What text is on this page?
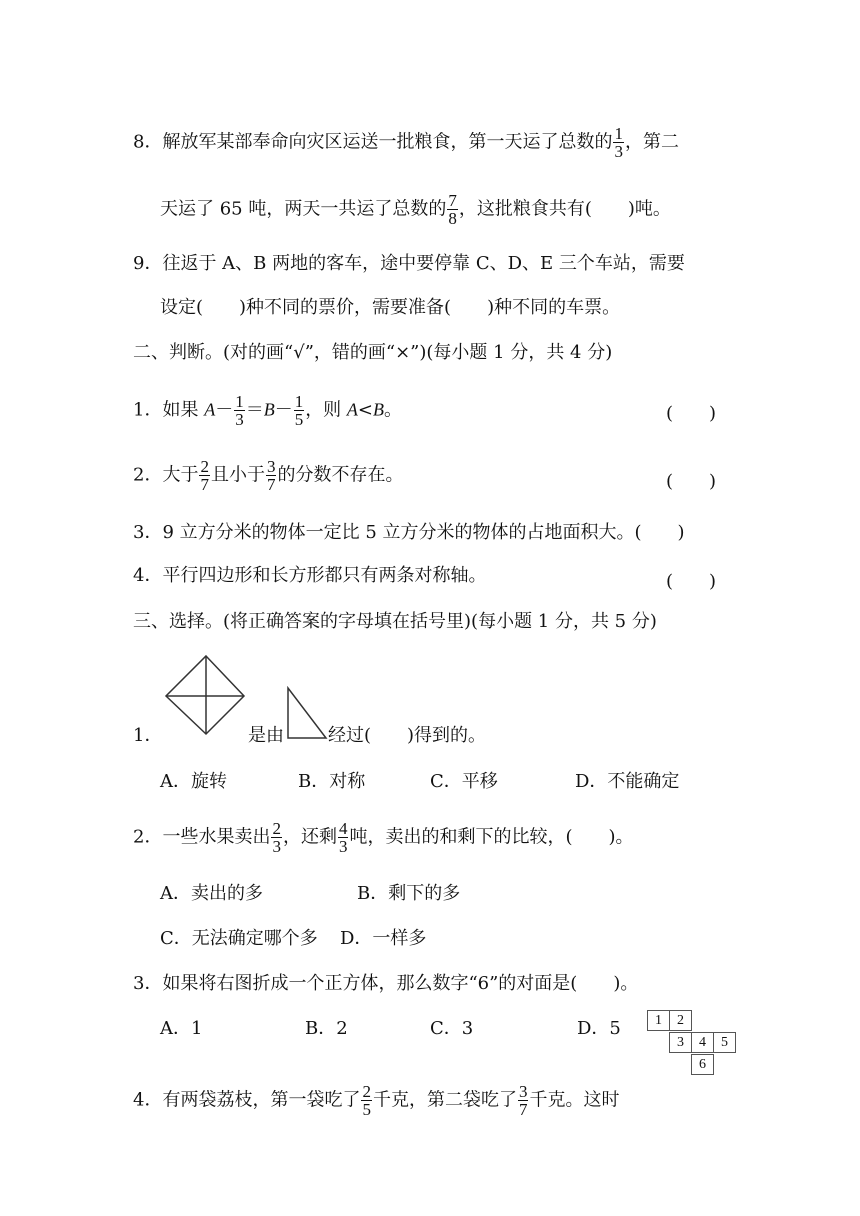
8．解放军某部奉命向灾区运送一批粮食，第一天运了总数的 $\frac{1}{3}$ ，第二
天运了 65 吨，两天一共运了总数的 $\frac{7}{8}$ ，这批粮食共有(　　)吨。
9．往返于 A、B 两地的客车，途中要停靠 C、D、E 三个车站，需要
设定(　　)种不同的票价，需要准备(　　)种不同的车票。
二、判断。(对的画“√”，错的画“×”)(每小题 1 分，共 4 分)
1．如果 $A- \frac{1}{3} =B- \frac{1}{5}$ ，则 A<B。	(　　)
2．大于 $\frac{2}{7}$ 且小于 $\frac{3}{7}$ 的分数不存在。	(　　)
3．9 立方分米的物体一定比 5 立方分米的物体的占地面积大。(　　)
4．平行四边形和长方形都只有两条对称轴。	(　　)
三、选择。(将正确答案的字母填在括号里)(每小题 1 分，共 5 分)
1．	是由 经过(　　)得到的。
A．旋转	B．对称	C．平移	D．不能确定
2．一些水果卖出 $\frac{2}{3}$ ，还剩 $\frac{4}{3}$ 吨，卖出的和剩下的比较，(　　)。
A．卖出的多	B．剩下的多
C．无法确定哪个多 D．一样多
3．如果将右图折成一个正方体，那么数字“6”的对面是(　　)。
A．1	B．2	C．3	D．5	1	2
3	4	5
6
4．有两袋荔枝，第一袋吃了 $\frac{2}{5}$ 千克，第二袋吃了 $\frac{3}{7}$ 千克。这时
